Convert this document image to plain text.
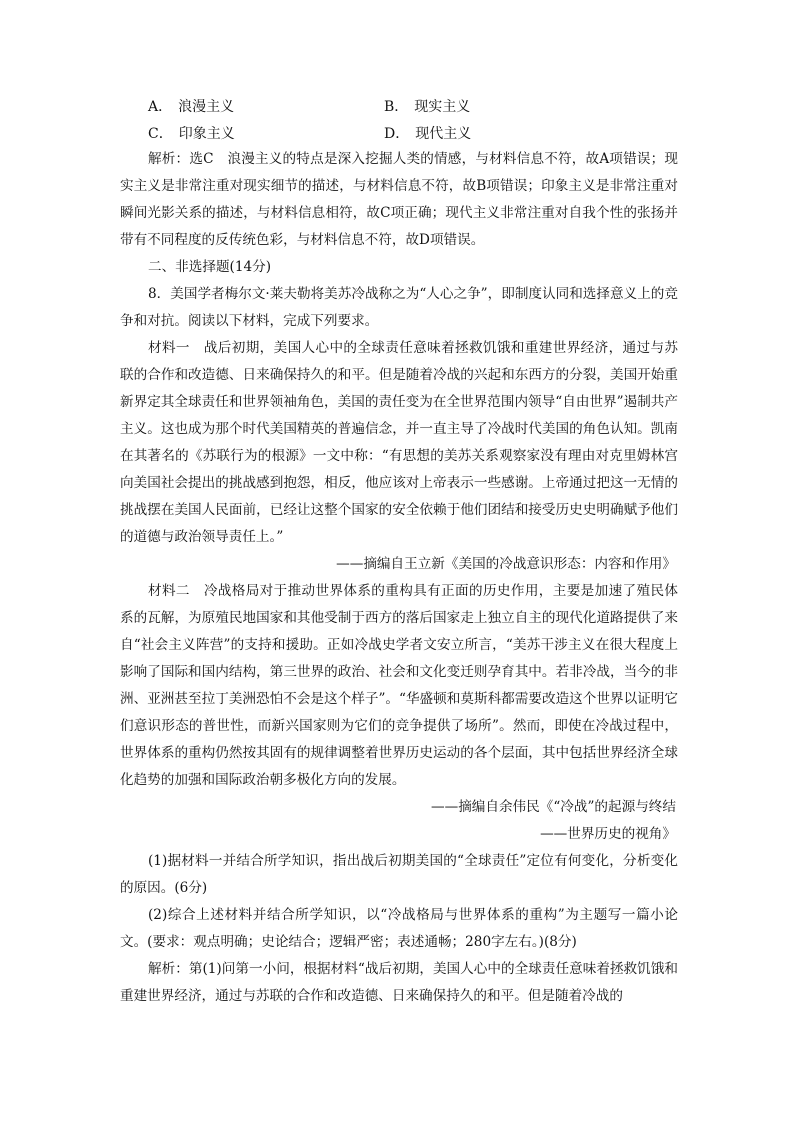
A． 浪漫主义	B． 现实主义
C． 印象主义	D． 现代主义

解析：选C　浪漫主义的特点是深入挖掘人类的情感，与材料信息不符，故A项错误；现实主义是非常注重对现实细节的描述，与材料信息不符，故B项错误；印象主义是非常注重对瞬间光影关系的描述，与材料信息相符，故C项正确；现代主义非常注重对自我个性的张扬并带有不同程度的反传统色彩，与材料信息不符，故D项错误。

二、非选择题(14分)

8．美国学者梅尔文·莱夫勒将美苏冷战称之为“人心之争”，即制度认同和选择意义上的竞争和对抗。阅读以下材料，完成下列要求。

材料一　战后初期，美国人心中的全球责任意味着拯救饥饿和重建世界经济，通过与苏联的合作和改造德、日来确保持久的和平。但是随着冷战的兴起和东西方的分裂，美国开始重新界定其全球责任和世界领袖角色，美国的责任变为在全世界范围内领导“自由世界”遏制共产主义。这也成为那个时代美国精英的普遍信念，并一直主导了冷战时代美国的角色认知。凯南在其著名的《苏联行为的根源》一文中称：“有思想的美苏关系观察家没有理由对克里姆林宫向美国社会提出的挑战感到抱怨，相反，他应该对上帝表示一些感谢。上帝通过把这一无情的挑战摆在美国人民面前，已经让这整个国家的安全依赖于他们团结和接受历史史明确赋予他们的道德与政治领导责任上。”

——摘编自王立新《美国的冷战意识形态：内容和作用》

材料二　冷战格局对于推动世界体系的重构具有正面的历史作用，主要是加速了殖民体系的瓦解，为原殖民地国家和其他受制于西方的落后国家走上独立自主的现代化道路提供了来自“社会主义阵营”的支持和援助。正如冷战史学者文安立所言，“美苏干涉主义在很大程度上影响了国际和国内结构，第三世界的政治、社会和文化变迁则孕育其中。若非冷战，当今的非洲、亚洲甚至拉丁美洲恐怕不会是这个样子”。“华盛顿和莫斯科都需要改造这个世界以证明它们意识形态的普世性，而新兴国家则为它们的竞争提供了场所”。然而，即使在冷战过程中，世界体系的重构仍然按其固有的规律调整着世界历史运动的各个层面，其中包括世界经济全球化趋势的加强和国际政治朝多极化方向的发展。

——摘编自余伟民《“冷战”的起源与终结
——世界历史的视角》

(1)据材料一并结合所学知识，指出战后初期美国的“全球责任”定位有何变化，分析变化的原因。(6分)

(2)综合上述材料并结合所学知识，以“冷战格局与世界体系的重构”为主题写一篇小论文。(要求：观点明确；史论结合；逻辑严密；表述通畅；280字左右。)(8分)

解析：第(1)问第一小问，根据材料“战后初期，美国人心中的全球责任意味着拯救饥饿和重建世界经济，通过与苏联的合作和改造德、日来确保持久的和平。但是随着冷战的
